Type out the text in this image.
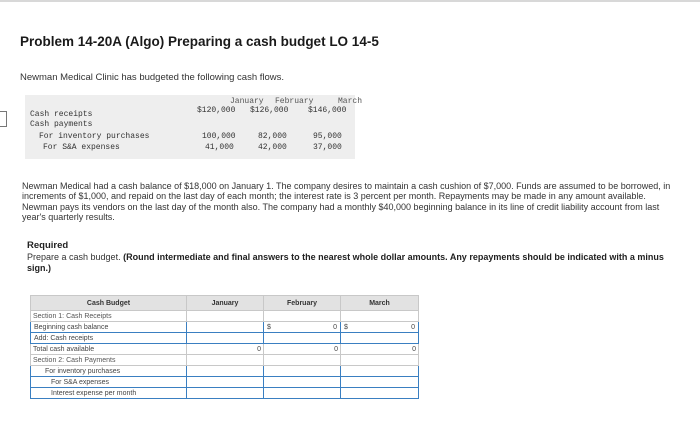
Problem 14-20A (Algo) Preparing a cash budget LO 14-5
Newman Medical Clinic has budgeted the following cash flows.
January February	March
Cash receipts	$120,000 $126,000 $146,000
Cash payments
For inventory purchases	100,000	82,000	95,000
For S&A expenses	41,000	42,000	37,000
Newman Medical had a cash balance of $18,000 on January 1. The company desires to maintain a cash cushion of $7,000. Funds are assumed to be borrowed, in increments of $1,000, and repaid on the last day of each month; the interest rate is 3 percent per month. Repayments may be made in any amount available. Newman pays its vendors on the last day of the month also. The company had a monthly $40,000 beginning balance in its line of credit liability account from last year's quarterly results.
Required
Prepare a cash budget. (Round intermediate and final answers to the nearest whole dollar amounts. Any repayments should be indicated with a minus sign.)
Cash Budget	January	February	March
Section 1: Cash Receipts			
Beginning cash balance		$ 0	$ 0

Add: Cash receipts			
Total cash available	0	0	0
Section 2: Cash Payments			
For inventory purchases			
For S&A expenses			
Interest expense per month			
